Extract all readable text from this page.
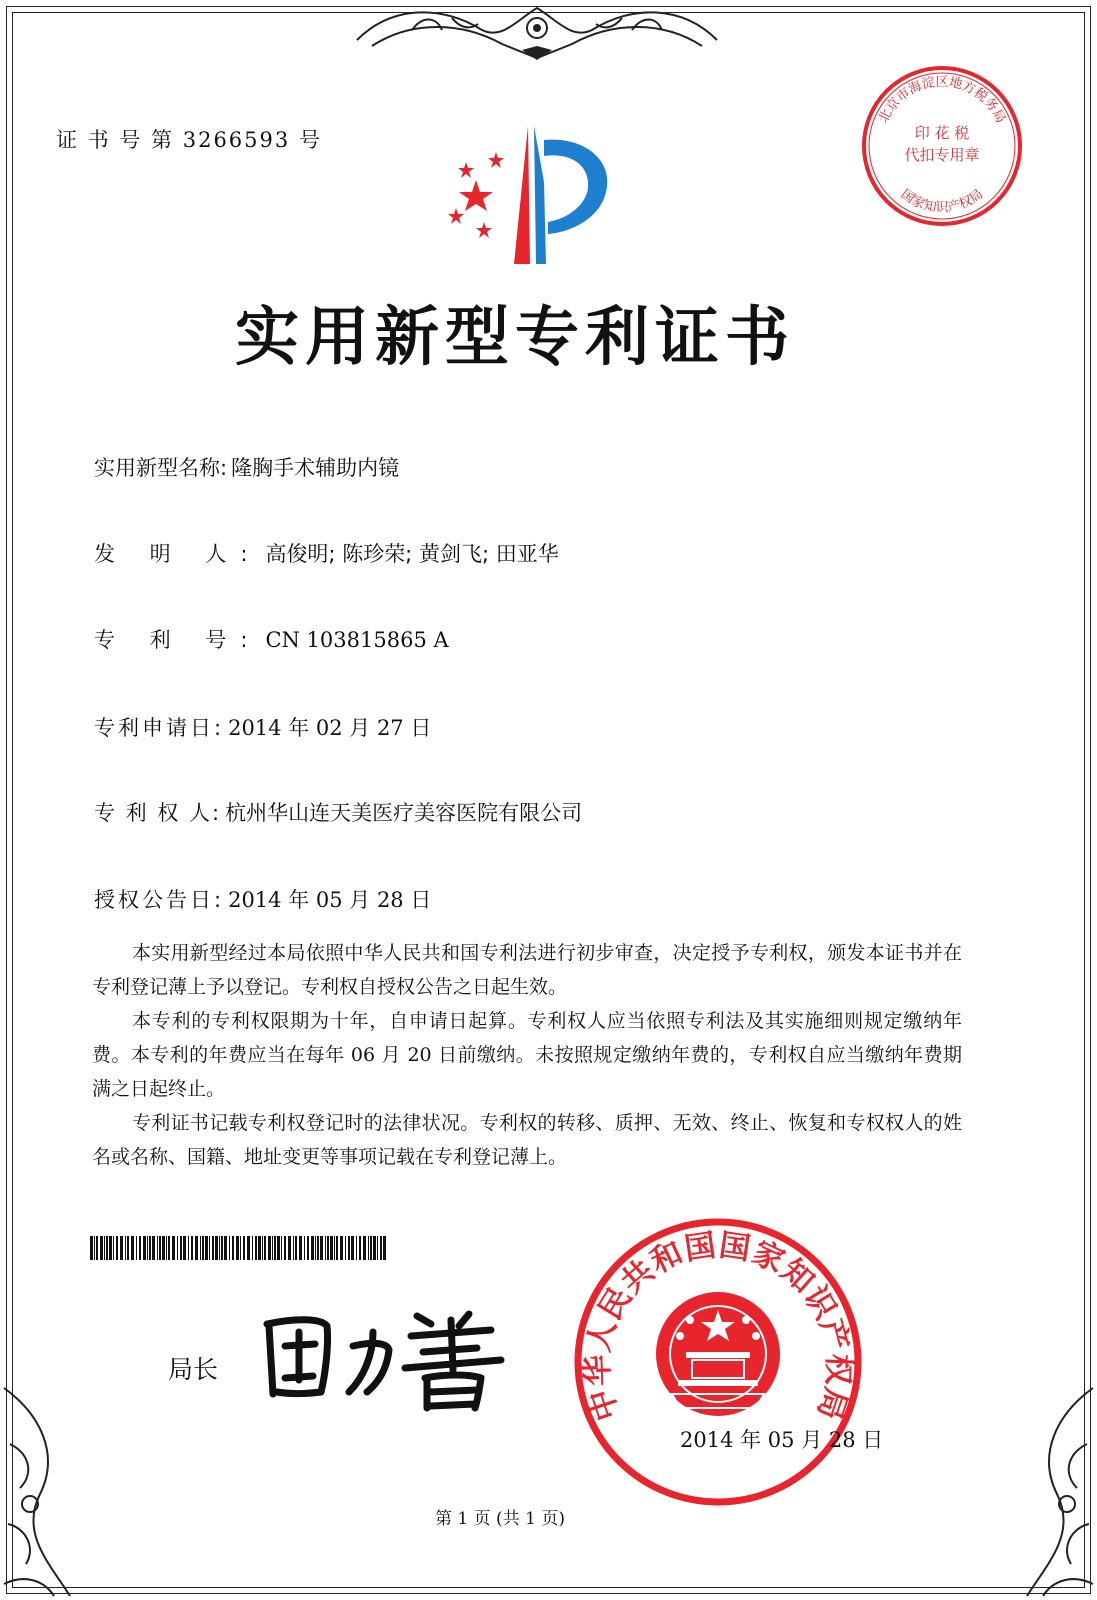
证 书 号 第 3266593 号
实用新型专利证书
实用新型名称: 隆胸手术辅助内镜
发 明 人: 高俊明; 陈珍荣; 黄剑飞; 田亚华
专 利 号: CN 103815865 A
专利申请日: 2014 年 02 月 27 日
专 利 权 人: 杭州华山连天美医疗美容医院有限公司
授权公告日: 2014 年 05 月 28 日
本实用新型经过本局依照中华人民共和国专利法进行初步审查，决定授予专利权，颁发本证书并在专利登记薄上予以登记。专利权自授权公告之日起生效。
本专利的专利权限期为十年，自申请日起算。专利权人应当依照专利法及其实施细则规定缴纳年费。本专利的年费应当在每年 06 月 20 日前缴纳。未按照规定缴纳年费的，专利权自应当缴纳年费期满之日起终止。
专利证书记载专利权登记时的法律状况。专利权的转移、质押、无效、终止、恢复和专权权人的姓名或名称、国籍、地址变更等事项记载在专利登记薄上。
局长
中华人民共和国国家知识产权局
2014 年 05 月 28 日
北京市海淀区地方税务局
国家知识产权局
印 花 税
代扣专用章
第 1 页 (共 1 页)
